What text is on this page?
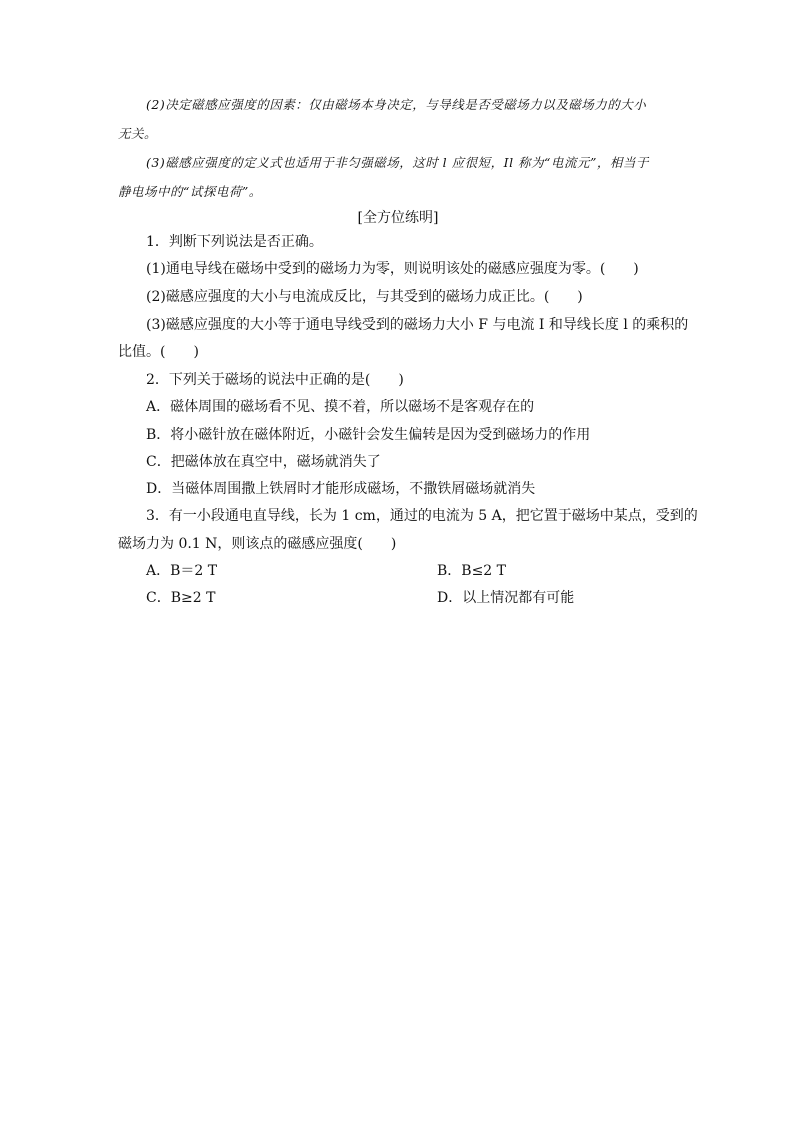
(2)决定磁感应强度的因素：仅由磁场本身决定，与导线是否受磁场力以及磁场力的大小
无关。
(3)磁感应强度的定义式也适用于非匀强磁场，这时 l 应很短，Il 称为“电流元”，相当于
静电场中的“试探电荷”。
[全方位练明]
1．判断下列说法是否正确。
(1)通电导线在磁场中受到的磁场力为零，则说明该处的磁感应强度为零。(　　)
(2)磁感应强度的大小与电流成反比，与其受到的磁场力成正比。(　　)
(3)磁感应强度的大小等于通电导线受到的磁场力大小 F 与电流 I 和导线长度 l 的乘积的
比值。(　　)
2．下列关于磁场的说法中正确的是(　　)
A．磁体周围的磁场看不见、摸不着，所以磁场不是客观存在的
B．将小磁针放在磁体附近，小磁针会发生偏转是因为受到磁场力的作用
C．把磁体放在真空中，磁场就消失了
D．当磁体周围撒上铁屑时才能形成磁场，不撒铁屑磁场就消失
3．有一小段通电直导线，长为 1 cm，通过的电流为 5 A，把它置于磁场中某点，受到的
磁场力为 0.1 N，则该点的磁感应强度(　　)
A．B＝2 T	B．B≤2 T
C．B≥2 T	D．以上情况都有可能
